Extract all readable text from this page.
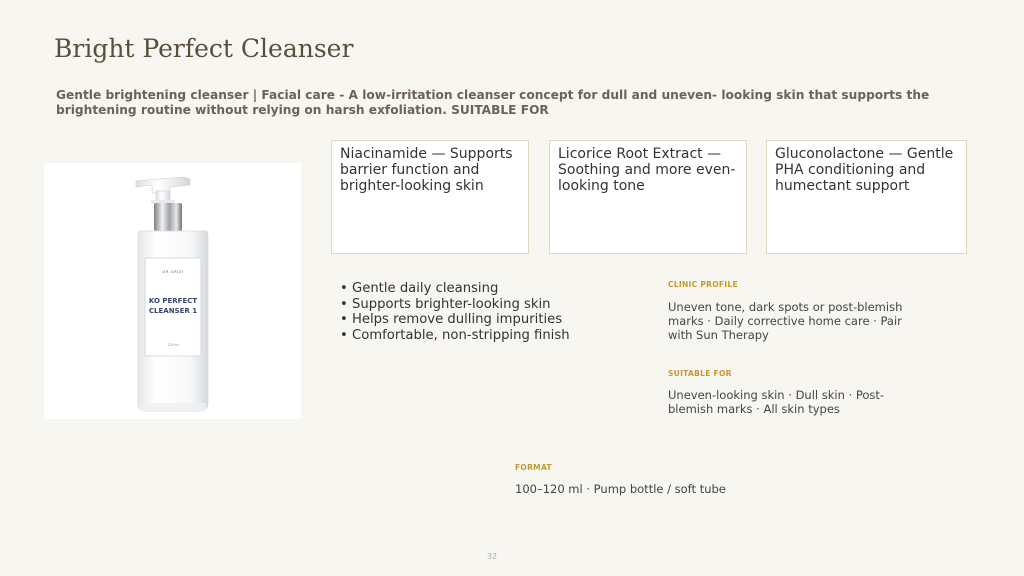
Bright Perfect Cleanser
Gentle brightening cleanser | Facial care - A low-irritation cleanser concept for dull and uneven- looking skin that supports the brightening routine without relying on harsh exfoliation. SUITABLE FOR
DR GRIZI
KO PERFECT
CLEANSER 1
120 ml
Niacinamide — Supports barrier function and brighter-looking skin
Licorice Root Extract — Soothing and more even-looking tone
Gluconolactone — Gentle PHA conditioning and humectant support
• Gentle daily cleansing
• Supports brighter-looking skin
• Helps remove dulling impurities
• Comfortable, non-stripping finish
CLINIC PROFILE
Uneven tone, dark spots or post-blemish marks · Daily corrective home care · Pair with Sun Therapy
SUITABLE FOR
Uneven-looking skin · Dull skin · Post-blemish marks · All skin types
FORMAT
100–120 ml · Pump bottle / soft tube
32
